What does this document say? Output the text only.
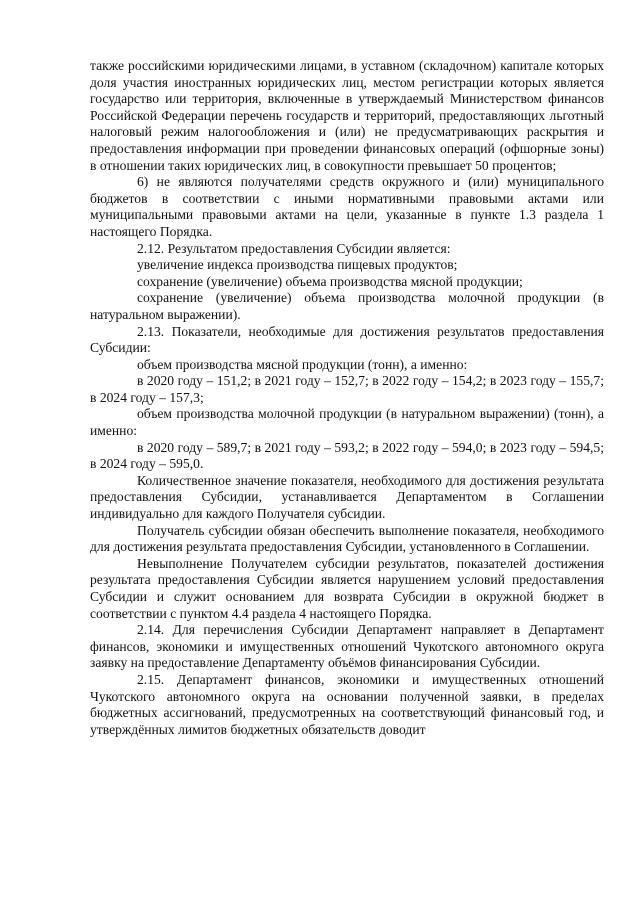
также российскими юридическими лицами, в уставном (складочном) капитале которых доля участия иностранных юридических лиц, местом регистрации которых является государство или территория, включенные в утверждаемый Министерством финансов Российской Федерации перечень государств и территорий, предоставляющих льготный налоговый режим налогообложения и (или) не предусматривающих раскрытия и предоставления информации при проведении финансовых операций (офшорные зоны) в отношении таких юридических лиц, в совокупности превышает 50 процентов;

6) не являются получателями средств окружного и (или) муниципального бюджетов в соответствии с иными нормативными правовыми актами или муниципальными правовыми актами на цели, указанные в пункте 1.3 раздела 1 настоящего Порядка.

2.12. Результатом предоставления Субсидии является:

увеличение индекса производства пищевых продуктов;

сохранение (увеличение) объема производства мясной продукции;

сохранение (увеличение) объема производства молочной продукции (в натуральном выражении).

2.13. Показатели, необходимые для достижения результатов предоставления Субсидии:

объем производства мясной продукции (тонн), а именно:

в 2020 году – 151,2; в 2021 году – 152,7; в 2022 году – 154,2; в 2023 году – 155,7; в 2024 году – 157,3;

объем производства молочной продукции (в натуральном выражении) (тонн), а именно:

в 2020 году – 589,7; в 2021 году – 593,2; в 2022 году – 594,0; в 2023 году – 594,5; в 2024 году – 595,0.

Количественное значение показателя, необходимого для достижения результата предоставления Субсидии, устанавливается Департаментом в Соглашении индивидуально для каждого Получателя субсидии.

Получатель субсидии обязан обеспечить выполнение показателя, необходимого для достижения результата предоставления Субсидии, установленного в Соглашении.

Невыполнение Получателем субсидии результатов, показателей достижения результата предоставления Субсидии является нарушением условий предоставления Субсидии и служит основанием для возврата Субсидии в окружной бюджет в соответствии с пунктом 4.4 раздела 4 настоящего Порядка.

2.14. Для перечисления Субсидии Департамент направляет в Департамент финансов, экономики и имущественных отношений Чукотского автономного округа заявку на предоставление Департаменту объёмов финансирования Субсидии.

2.15. Департамент финансов, экономики и имущественных отношений Чукотского автономного округа на основании полученной заявки, в пределах бюджетных ассигнований, предусмотренных на соответствующий финансовый год, и утверждённых лимитов бюджетных обязательств доводит
